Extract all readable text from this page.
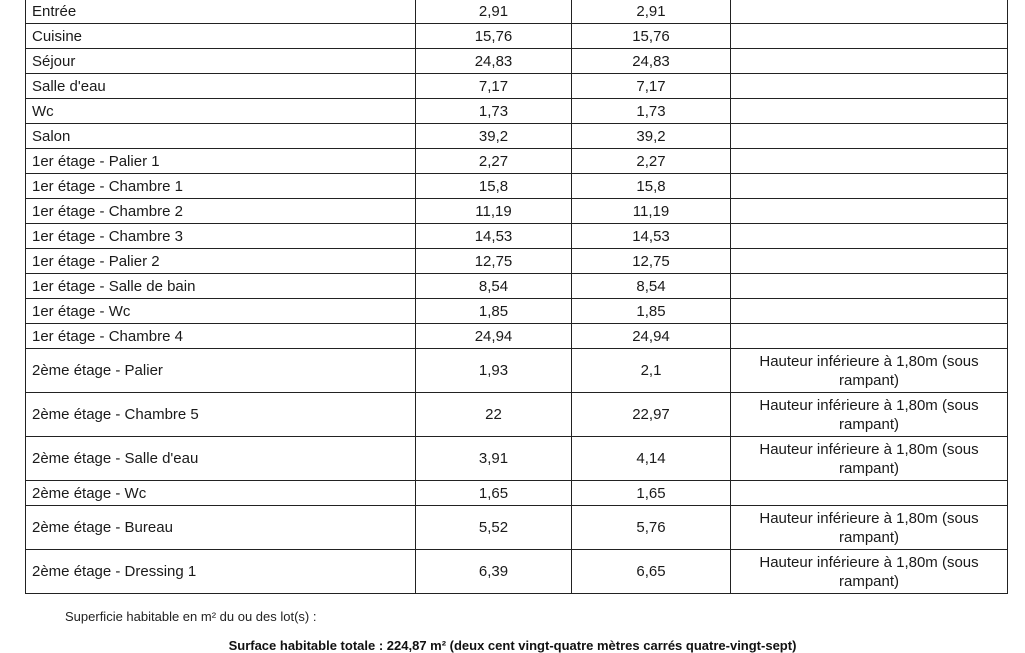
Entrée	2,91	2,91	
Cuisine	15,76	15,76	
Séjour	24,83	24,83	
Salle d'eau	7,17	7,17	
Wc	1,73	1,73	
Salon	39,2	39,2	
1er étage - Palier 1	2,27	2,27	
1er étage - Chambre 1	15,8	15,8	
1er étage - Chambre 2	11,19	11,19	
1er étage - Chambre 3	14,53	14,53	
1er étage - Palier 2	12,75	12,75	
1er étage - Salle de bain	8,54	8,54	
1er étage - Wc	1,85	1,85	
1er étage - Chambre 4	24,94	24,94	
2ème étage - Palier	1,93	2,1	Hauteur inférieure à 1,80m (sous rampant)
2ème étage - Chambre 5	22	22,97	Hauteur inférieure à 1,80m (sous rampant)
2ème étage - Salle d'eau	3,91	4,14	Hauteur inférieure à 1,80m (sous rampant)
2ème étage - Wc	1,65	1,65	
2ème étage - Bureau	5,52	5,76	Hauteur inférieure à 1,80m (sous rampant)
2ème étage - Dressing 1	6,39	6,65	Hauteur inférieure à 1,80m (sous rampant)
Superficie habitable en m² du ou des lot(s) :
Surface habitable totale : 224,87 m² (deux cent vingt-quatre mètres carrés quatre-vingt-sept)
